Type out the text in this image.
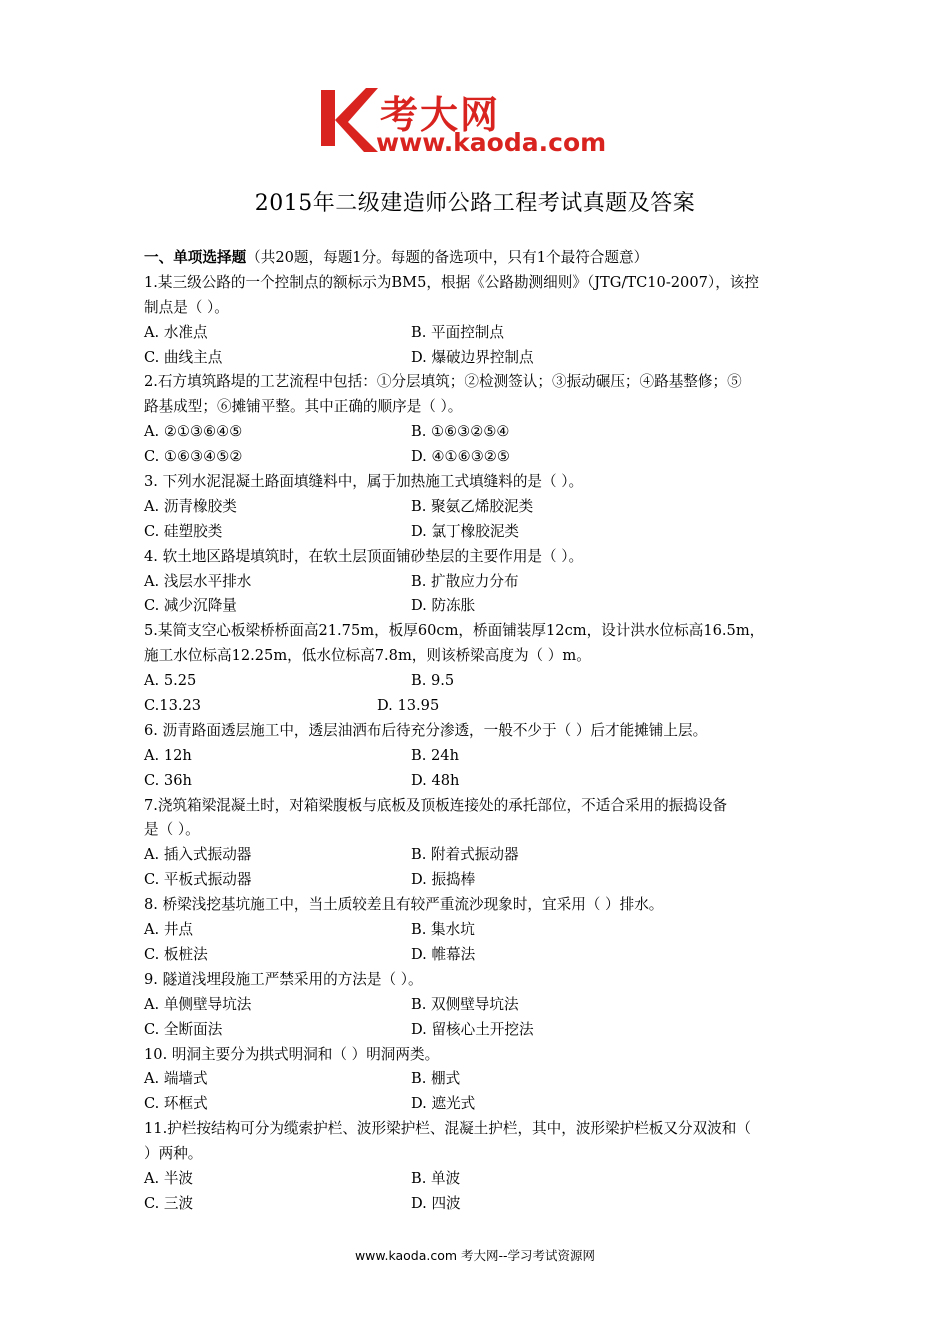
考大网
www.kaoda.com
2015年二级建造师公路工程考试真题及答案
一、单项选择题（共20题，每题1分。每题的备选项中，只有1个最符合题意）
1.某三级公路的一个控制点的额标示为BM5，根据《公路勘测细则》（JTG/TC10-2007），该控
制点是（ ）。
A. 水准点	B. 平面控制点
C. 曲线主点	D. 爆破边界控制点
2.石方填筑路堤的工艺流程中包括：①分层填筑；②检测签认；③振动碾压；④路基整修；⑤
路基成型；⑥摊铺平整。其中正确的顺序是（ ）。
A. ②①③⑥④⑤	B. ①⑥③②⑤④
C. ①⑥③④⑤②	D. ④①⑥③②⑤
3. 下列水泥混凝土路面填缝料中，属于加热施工式填缝料的是（ ）。
A. 沥青橡胶类	B. 聚氨乙烯胶泥类
C. 硅塑胶类	D. 氯丁橡胶泥类
4. 软土地区路堤填筑时，在软土层顶面铺砂垫层的主要作用是（ ）。
A. 浅层水平排水	B. 扩散应力分布
C. 减少沉降量	D. 防冻胀
5.某简支空心板梁桥桥面高21.75m，板厚60cm，桥面铺装厚12cm，设计洪水位标高16.5m，
施工水位标高12.25m，低水位标高7.8m，则该桥梁高度为（ ）m。
A. 5.25	B. 9.5
C.13.23	D. 13.95
6. 沥青路面透层施工中，透层油洒布后待充分渗透，一般不少于（ ）后才能摊铺上层。
A. 12h	B. 24h
C. 36h	D. 48h
7.浇筑箱梁混凝土时，对箱梁腹板与底板及顶板连接处的承托部位，不适合采用的振捣设备
是（ ）。
A. 插入式振动器	B. 附着式振动器
C. 平板式振动器	D. 振捣棒
8. 桥梁浅挖基坑施工中，当土质较差且有较严重流沙现象时，宜采用（ ）排水。
A. 井点	B. 集水坑
C. 板桩法	D. 帷幕法
9. 隧道浅埋段施工严禁采用的方法是（ ）。
A. 单侧壁导坑法	B. 双侧壁导坑法
C. 全断面法	D. 留核心土开挖法
10. 明洞主要分为拱式明洞和（ ）明洞两类。
A. 端墙式	B. 棚式
C. 环框式	D. 遮光式
11.护栏按结构可分为缆索护栏、波形梁护栏、混凝土护栏，其中，波形梁护栏板又分双波和（
）两种。
A. 半波	B. 单波
C. 三波	D. 四波
www.kaoda.com 考大网--学习考试资源网
